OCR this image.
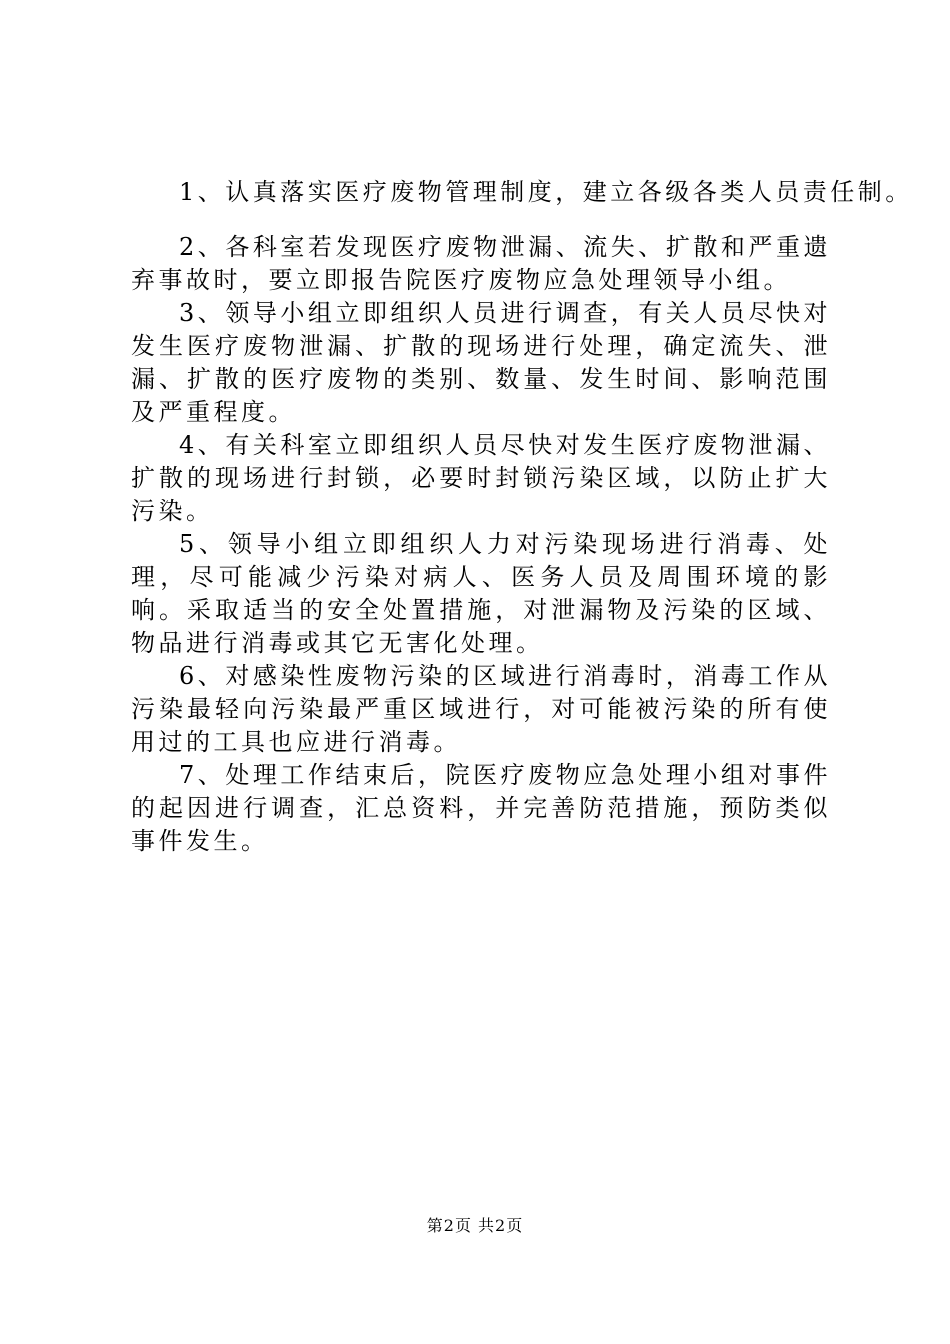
1、认真落实医疗废物管理制度，建立各级各类人员责任制。

2、各科室若发现医疗废物泄漏、流失、扩散和严重遗弃事故时，要立即报告院医疗废物应急处理领导小组。

3、领导小组立即组织人员进行调查，有关人员尽快对发生医疗废物泄漏、扩散的现场进行处理，确定流失、泄漏、扩散的医疗废物的类别、数量、发生时间、影响范围及严重程度。

4、有关科室立即组织人员尽快对发生医疗废物泄漏、扩散的现场进行封锁，必要时封锁污染区域，以防止扩大污染。

5、领导小组立即组织人力对污染现场进行消毒、处理，尽可能减少污染对病人、医务人员及周围环境的影响。采取适当的安全处置措施，对泄漏物及污染的区域、物品进行消毒或其它无害化处理。

6、对感染性废物污染的区域进行消毒时，消毒工作从污染最轻向污染最严重区域进行，对可能被污染的所有使用过的工具也应进行消毒。

7、处理工作结束后，院医疗废物应急处理小组对事件的起因进行调查，汇总资料，并完善防范措施，预防类似事件发生。

第2页 共2页
